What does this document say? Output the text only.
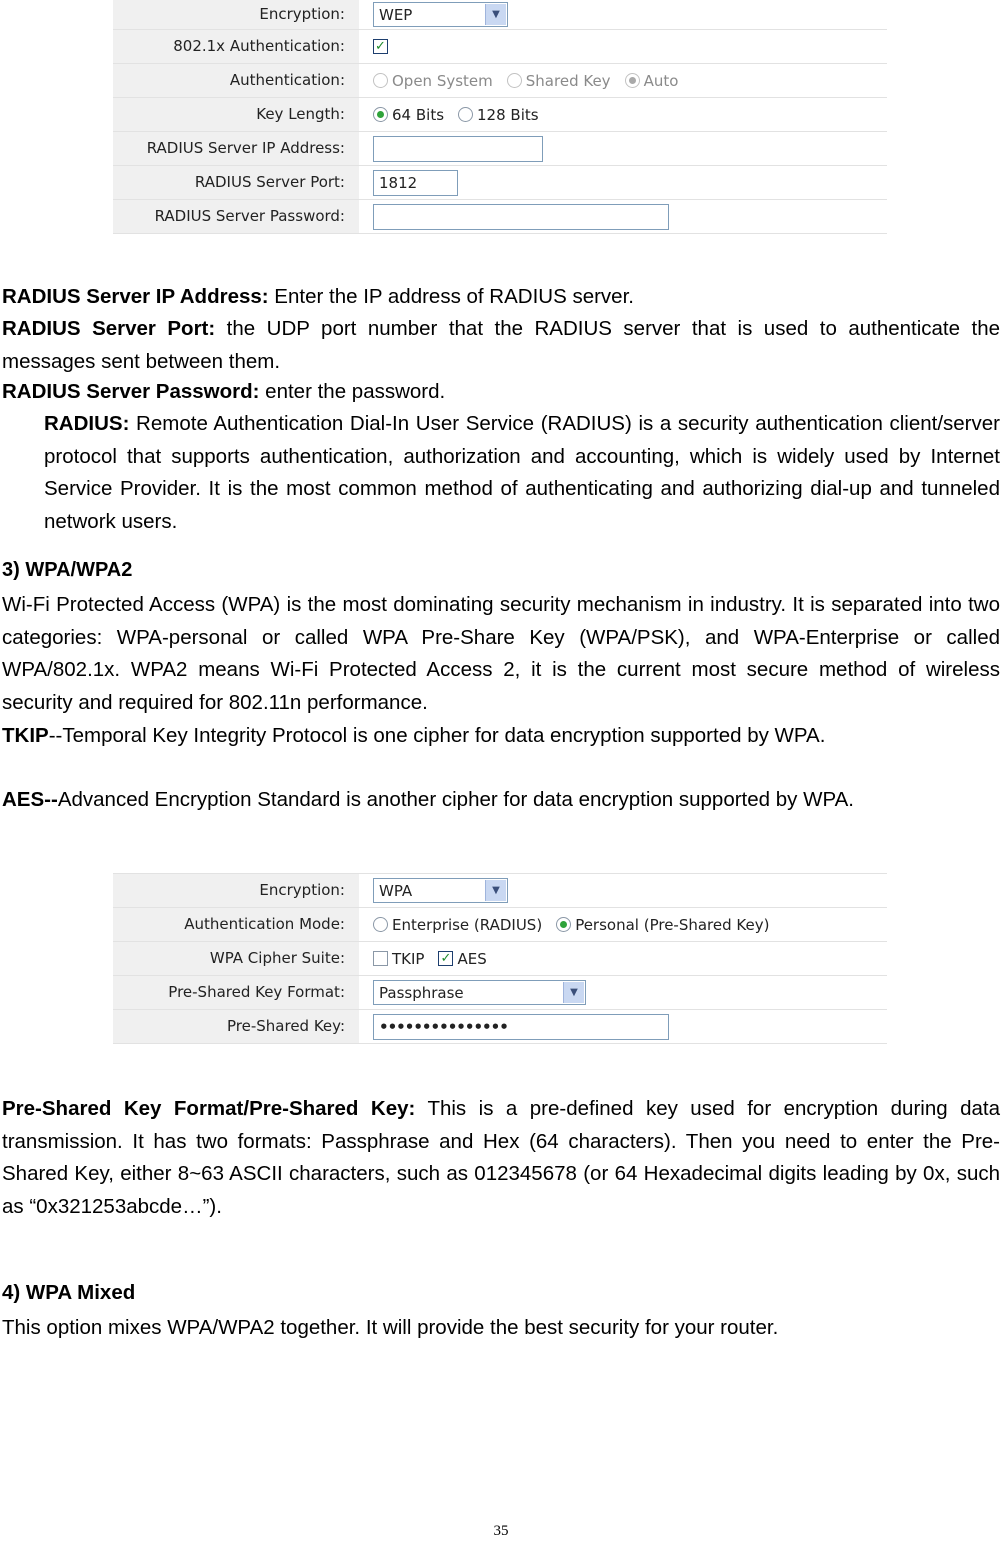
Encryption:	WEP	▼
802.1x Authentication:	✓
Authentication:	Open System Shared Key Auto
Key Length:	64 Bits 128 Bits
RADIUS Server IP Address:
RADIUS Server Port:	1812
RADIUS Server Password:

RADIUS Server IP Address: Enter the IP address of RADIUS server.

RADIUS Server Port: the UDP port number that the RADIUS server that is used to authenticate the messages sent between them.

RADIUS Server Password: enter the password.

RADIUS: Remote Authentication Dial-In User Service (RADIUS) is a security authentication client/server protocol that supports authentication, authorization and accounting, which is widely used by Internet Service Provider. It is the most common method of authenticating and authorizing dial-up and tunneled network users.

3) WPA/WPA2

Wi-Fi Protected Access (WPA) is the most dominating security mechanism in industry. It is separated into two categories: WPA-personal or called WPA Pre-Share Key (WPA/PSK), and WPA-Enterprise or called WPA/802.1x. WPA2 means Wi-Fi Protected Access 2, it is the current most secure method of wireless security and required for 802.11n performance.

TKIP--Temporal Key Integrity Protocol is one cipher for data encryption supported by WPA.

AES--Advanced Encryption Standard is another cipher for data encryption supported by WPA.

Encryption:	WPA	▼
Authentication Mode:	Enterprise (RADIUS) Personal (Pre-Shared Key)
WPA Cipher Suite:	TKIP ✓ AES
Pre-Shared Key Format:	Passphrase	▼
Pre-Shared Key:	•••••••••••••••

Pre-Shared Key Format/Pre-Shared Key: This is a pre-defined key used for encryption during data transmission. It has two formats: Passphrase and Hex (64 characters). Then you need to enter the Pre-Shared Key, either 8~63 ASCII characters, such as 012345678 (or 64 Hexadecimal digits leading by 0x, such as “0x321253abcde…”).

4) WPA Mixed

This option mixes WPA/WPA2 together. It will provide the best security for your router.

35
